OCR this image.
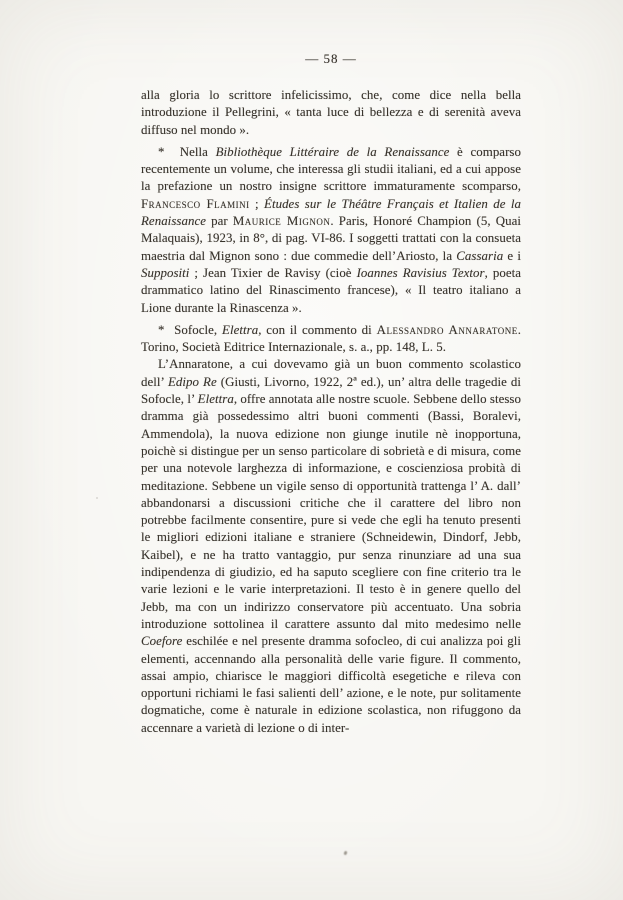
— 58 —

alla gloria lo scrittore infelicissimo, che, come dice nella bella introduzione il Pellegrini, « tanta luce di bellezza e di serenità aveva diffuso nel mondo ».

*  Nella Bibliothèque Littéraire de la Renaissance è comparso recentemente un volume, che interessa gli studii italiani, ed a cui appose la prefazione un nostro insigne scrittore immaturamente scomparso, Francesco Flamini ; Études sur le Théâtre Français et Italien de la Renaissance par Maurice Mignon. Paris, Honoré Champion (5, Quai Malaquais), 1923, in 8°, di pag. VI-86. I soggetti trattati con la consueta maestria dal Mignon sono : due commedie dell’Ariosto, la Cassaria e i Suppositi ; Jean Tixier de Ravisy (cioè Ioannes Ravisius Textor, poeta drammatico latino del Rinascimento francese), « Il teatro italiano a Lione durante la Rinascenza ».

*  Sofocle, Elettra, con il commento di Alessandro Annaratone. Torino, Società Editrice Internazionale, s. a., pp. 148, L. 5.

L’Annaratone, a cui dovevamo già un buon commento scolastico dell’ Edipo Re (Giusti, Livorno, 1922, 2ª ed.), un’ altra delle tragedie di Sofocle, l’ Elettra, offre annotata alle nostre scuole. Sebbene dello stesso dramma già possedessimo altri buoni commenti (Bassi, Boralevi, Ammendola), la nuova edizione non giunge inutile nè inopportuna, poichè si distingue per un senso particolare di sobrietà e di misura, come per una notevole larghezza di informazione, e coscienziosa probità di meditazione. Sebbene un vigile senso di opportunità trattenga l’ A. dall’ abbandonarsi a discussioni critiche che il carattere del libro non potrebbe facilmente consentire, pure si vede che egli ha tenuto presenti le migliori edizioni italiane e straniere (Schneidewin, Dindorf, Jebb, Kaibel), e ne ha tratto vantaggio, pur senza rinunziare ad una sua indipendenza di giudizio, ed ha saputo scegliere con fine criterio tra le varie lezioni e le varie interpretazioni. Il testo è in genere quello del Jebb, ma con un indirizzo conservatore più accentuato. Una sobria introduzione sottolinea il carattere assunto dal mito medesimo nelle Coefore eschilée e nel presente dramma sofocleo, di cui analizza poi gli elementi, accennando alla personalità delle varie figure. Il commento, assai ampio, chiarisce le maggiori difficoltà esegetiche e rileva con opportuni richiami le fasi salienti dell’ azione, e le note, pur solitamente dogmatiche, come è naturale in edizione scolastica, non rifuggono da accennare a varietà di lezione o di inter-
